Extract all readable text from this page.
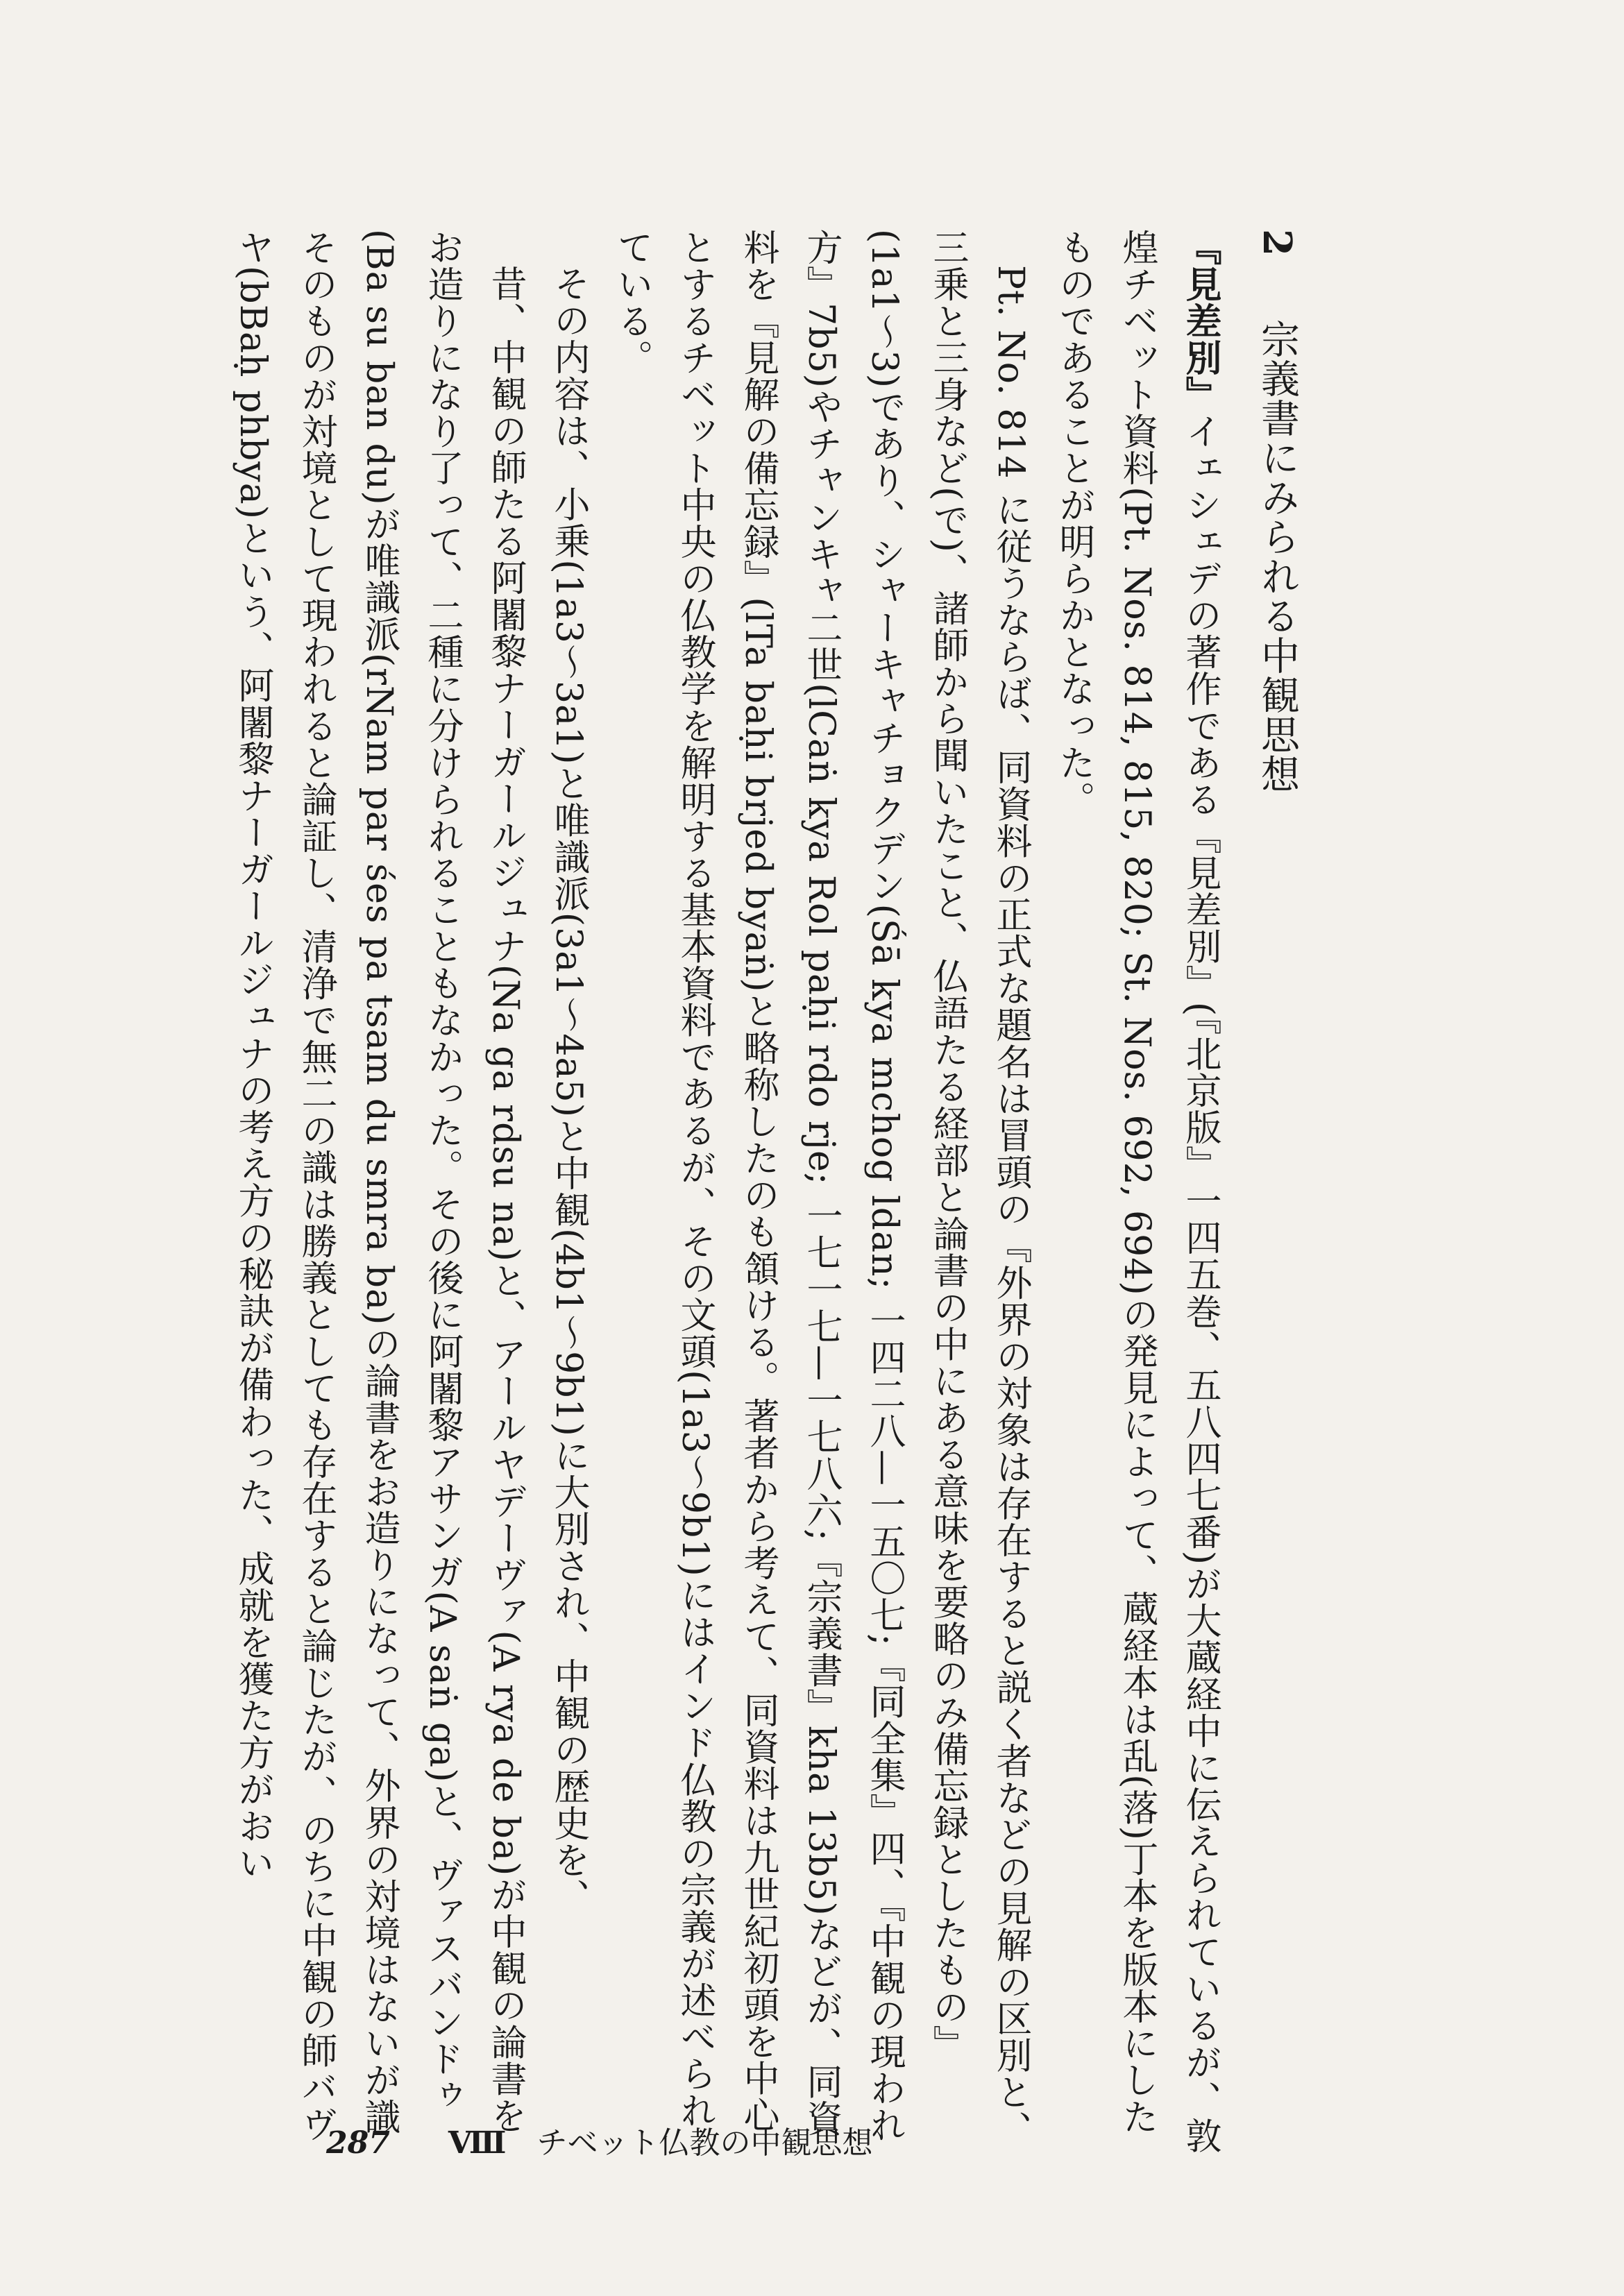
2宗義書にみられる中観思想

『見差別』イェシェデの著作である『見差別』(『北京版』一四五巻、五八四七番)が大蔵経中に伝えられているが、敦煌チベット資料(Pt. Nos. 814, 815, 820; St. Nos. 692, 694)の発見によって、蔵経本は乱(落)丁本を版本にしたものであることが明らかとなった。

Pt. No. 814 に従うならば、同資料の正式な題名は冒頭の『外界の対象は存在すると説く者などの見解の区別と、三乗と三身など(で)、諸師から聞いたこと、仏語たる経部と論書の中にある意味を要略のみ備忘録としたもの』(1a1〜3)であり、シャーキャチョクデン(Śā kya mchog ldan; 一四二八—一五〇七;『同全集』四、『中観の現われ方』7b5)やチャンキャ二世(lCaṅ kya Rol paḥi rdo rje; 一七一七—一七八六;『宗義書』kha 13b5)などが、同資料を『見解の備忘録』(lTa baḥi brjed byaṅ)と略称したのも頷ける。著者から考えて、同資料は九世紀初頭を中心とするチベット中央の仏教学を解明する基本資料であるが、その文頭(1a3〜9b1)にはインド仏教の宗義が述べられている。

その内容は、小乗(1a3〜3a1)と唯識派(3a1〜4a5)と中観(4b1〜9b1)に大別され、中観の歴史を、

昔、中観の師たる阿闍黎ナーガールジュナ(Na ga rdsu na)と、アールヤデーヴァ(A rya de ba)が中観の論書をお造りになり了って、二種に分けられることもなかった。その後に阿闍黎アサンガ(A saṅ ga)と、ヴァスバンドゥ(Ba su ban du)が唯識派(rNam par śes pa tsam du smra ba)の論書をお造りになって、外界の対境はないが識そのものが対境として現われると論証し、清浄で無二の識は勝義としても存在すると論じたが、のちに中観の師バヴヤ(bBaḥ phbya)という、阿闍黎ナーガールジュナの考え方の秘訣が備わった、成就を獲た方がおい

287 Ⅷ チベット仏教の中観思想
